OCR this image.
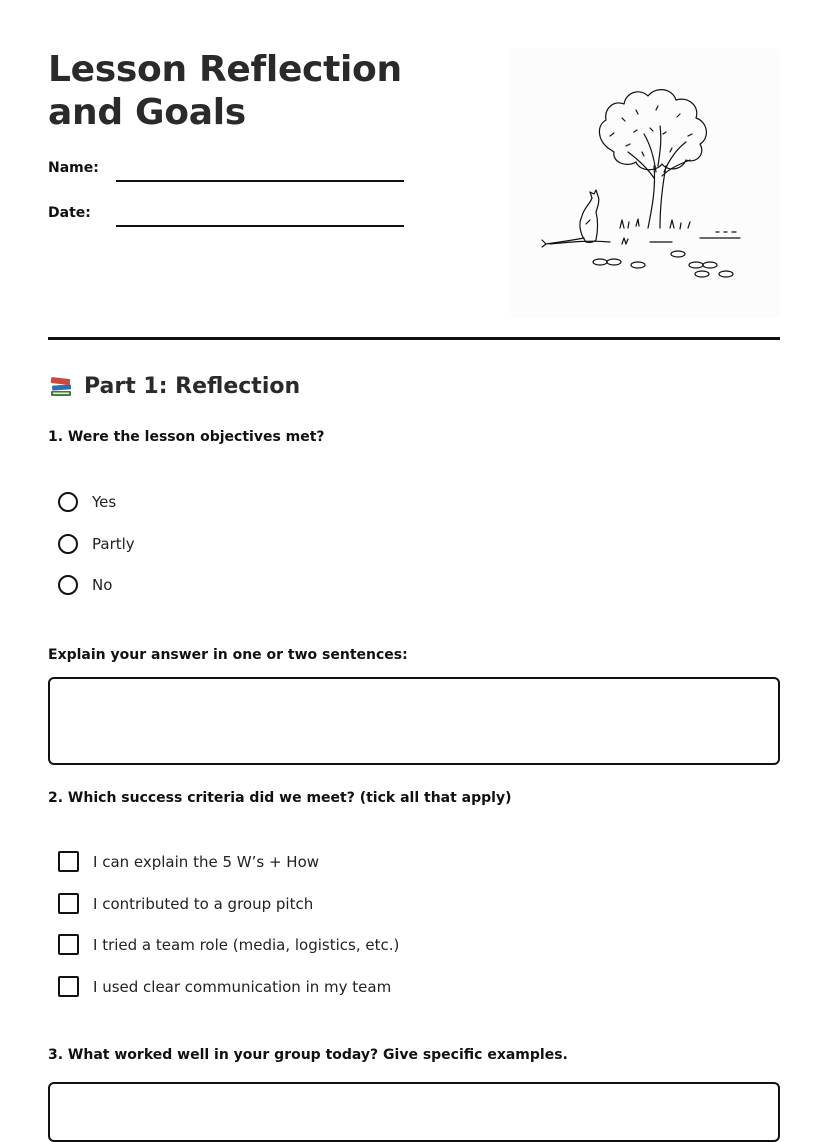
Lesson Reflection and Goals
Name:
Date:
Part 1: Reflection
1. Were the lesson objectives met?
Yes
Partly
No
Explain your answer in one or two sentences:
2. Which success criteria did we meet? (tick all that apply)
I can explain the 5 W’s + How
I contributed to a group pitch
I tried a team role (media, logistics, etc.)
I used clear communication in my team
3. What worked well in your group today? Give specific examples.
